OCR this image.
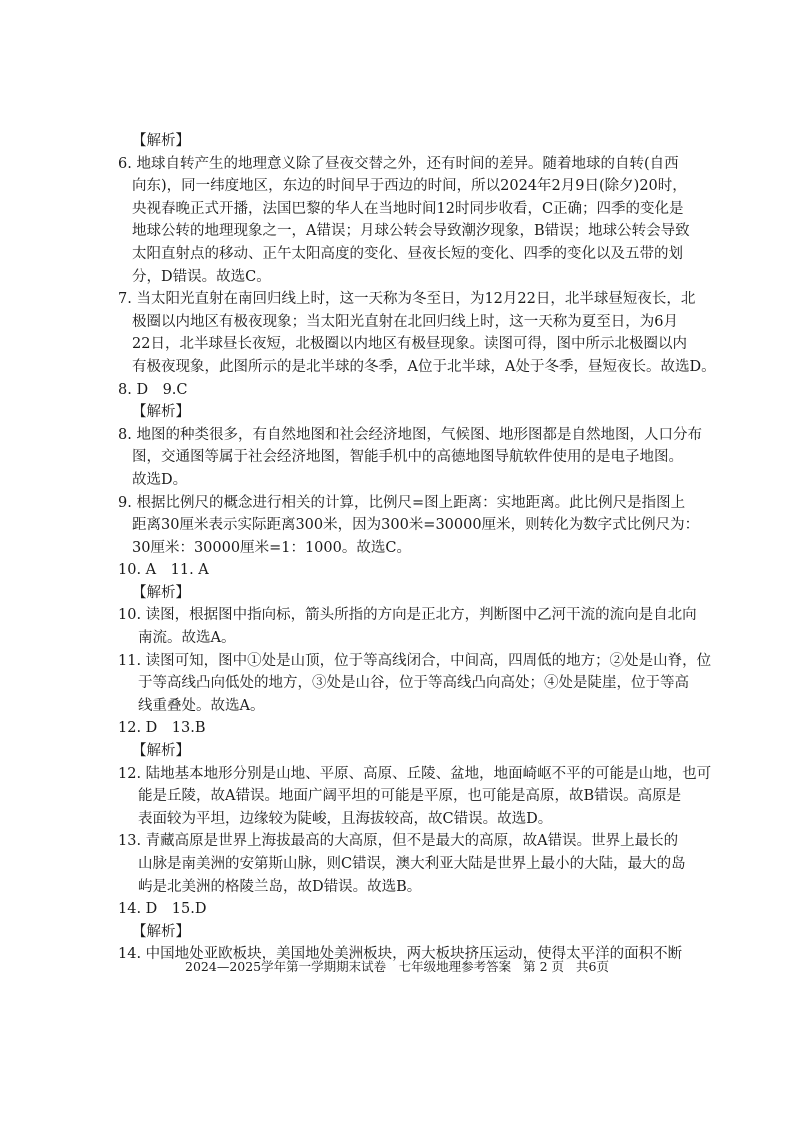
【解析】
6. 地球自转产生的地理意义除了昼夜交替之外，还有时间的差异。随着地球的自转(自西
向东)，同一纬度地区，东边的时间早于西边的时间，所以2024年2月9日(除夕)20时，
央视春晚正式开播，法国巴黎的华人在当地时间12时同步收看，C正确；四季的变化是
地球公转的地理现象之一，A错误；月球公转会导致潮汐现象，B错误；地球公转会导致
太阳直射点的移动、正午太阳高度的变化、昼夜长短的变化、四季的变化以及五带的划
分，D错误。故选C。
7. 当太阳光直射在南回归线上时，这一天称为冬至日，为12月22日，北半球昼短夜长，北
极圈以内地区有极夜现象；当太阳光直射在北回归线上时，这一天称为夏至日，为6月
22日，北半球昼长夜短，北极圈以内地区有极昼现象。读图可得，图中所示北极圈以内
有极夜现象，此图所示的是北半球的冬季，A位于北半球，A处于冬季，昼短夜长。故选D。
8. D　9.C
【解析】
8. 地图的种类很多，有自然地图和社会经济地图，气候图、地形图都是自然地图，人口分布
图，交通图等属于社会经济地图，智能手机中的高德地图导航软件使用的是电子地图。
故选D。
9. 根据比例尺的概念进行相关的计算，比例尺=图上距离：实地距离。此比例尺是指图上
距离30厘米表示实际距离300米，因为300米=30000厘米，则转化为数字式比例尺为：
30厘米：30000厘米=1：1000。故选C。
10. A　11. A
【解析】
10. 读图，根据图中指向标，箭头所指的方向是正北方，判断图中乙河干流的流向是自北向
南流。故选A。
11. 读图可知，图中①处是山顶，位于等高线闭合，中间高，四周低的地方；②处是山脊，位
于等高线凸向低处的地方，③处是山谷，位于等高线凸向高处；④处是陡崖，位于等高
线重叠处。故选A。
12. D　13.B
【解析】
12. 陆地基本地形分别是山地、平原、高原、丘陵、盆地，地面崎岖不平的可能是山地，也可
能是丘陵，故A错误。地面广阔平坦的可能是平原，也可能是高原，故B错误。高原是
表面较为平坦，边缘较为陡峻，且海拔较高，故C错误。故选D。
13. 青藏高原是世界上海拔最高的大高原，但不是最大的高原，故A错误。世界上最长的
山脉是南美洲的安第斯山脉，则C错误，澳大利亚大陆是世界上最小的大陆，最大的岛
屿是北美洲的格陵兰岛，故D错误。故选B。
14. D　15.D
【解析】
14. 中国地处亚欧板块，美国地处美洲板块，两大板块挤压运动，使得太平洋的面积不断
2024—2025学年第一学期期末试卷　七年级地理参考答案 第 2 页 共6页
